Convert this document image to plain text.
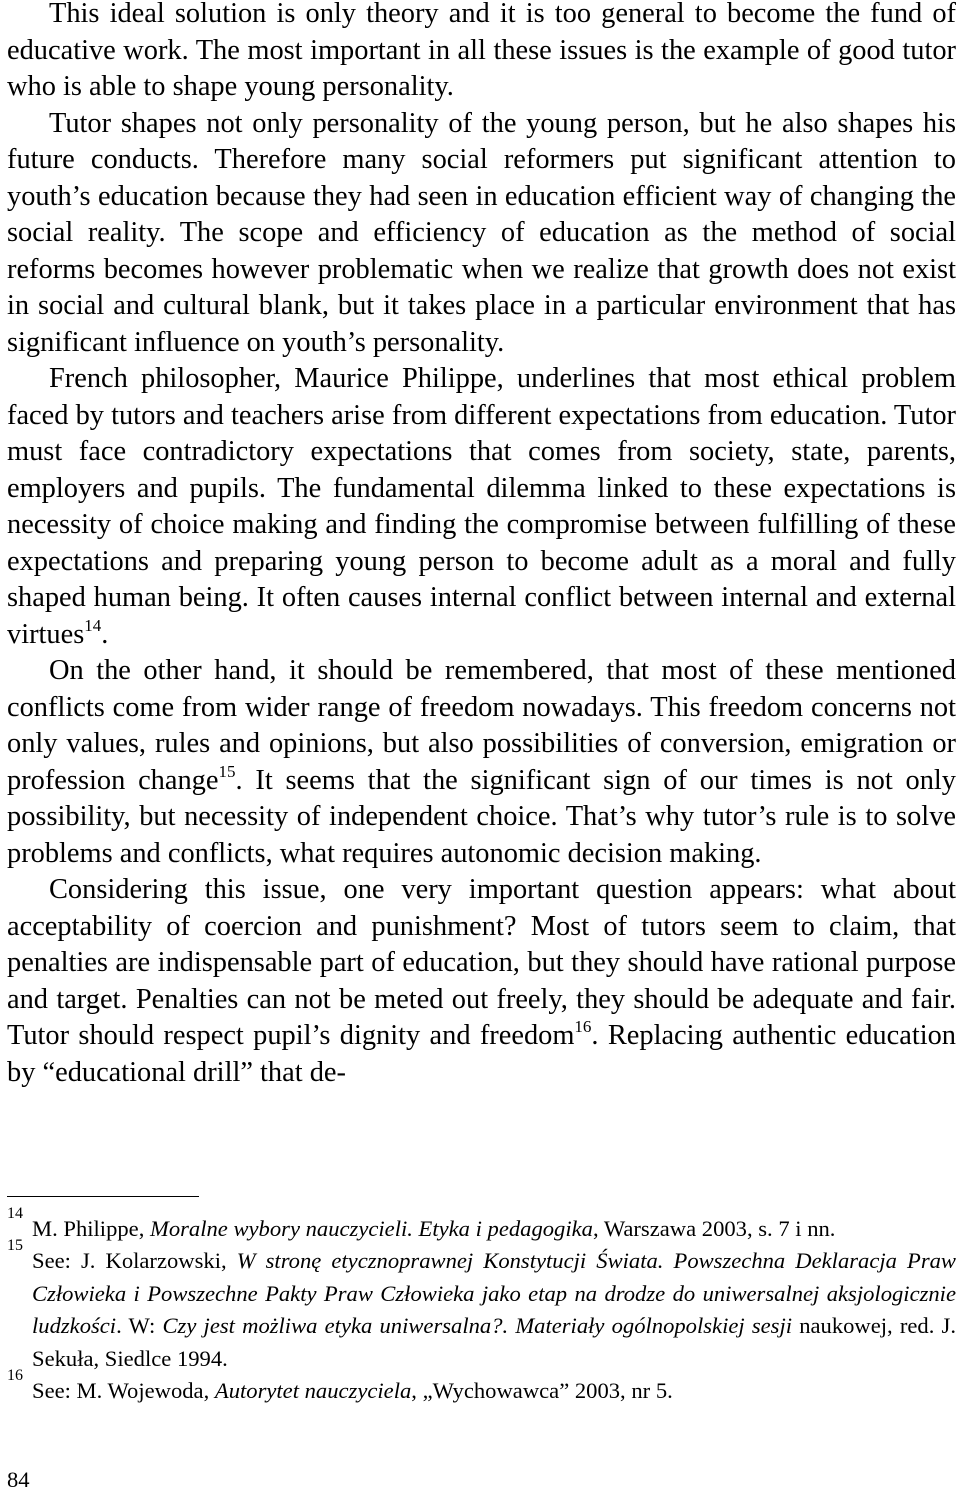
This ideal solution is only theory and it is too general to become the fund of educative work. The most important in all these issues is the example of good tutor who is able to shape young personality.

Tutor shapes not only personality of the young person, but he also shapes his future conducts. Therefore many social reformers put significant attention to youth’s education because they had seen in education efficient way of changing the social reality. The scope and efficiency of education as the method of social reforms becomes however problematic when we realize that growth does not exist in social and cultural blank, but it takes place in a particular environment that has significant influence on youth’s personality.

French philosopher, Maurice Philippe, underlines that most ethical problem faced by tutors and teachers arise from different expectations from education. Tutor must face contradictory expectations that comes from society, state, parents, employers and pupils. The fundamental dilemma linked to these expectations is necessity of choice making and finding the compromise between fulfilling of these expectations and preparing young person to become adult as a moral and fully shaped human being. It often causes internal conflict between internal and external virtues$^{14}$.

On the other hand, it should be remembered, that most of these mentioned conflicts come from wider range of freedom nowadays. This freedom concerns not only values, rules and opinions, but also possibilities of conversion, emigration or profession change$^{15}$. It seems that the significant sign of our times is not only possibility, but necessity of independent choice. That’s why tutor’s rule is to solve problems and conflicts, what requires autonomic decision making.

Considering this issue, one very important question appears: what about acceptability of coercion and punishment? Most of tutors seem to claim, that penalties are indispensable part of education, but they should have rational purpose and target. Penalties can not be meted out freely, they should be adequate and fair. Tutor should respect pupil’s dignity and freedom$^{16}$. Replacing authentic education by “educational drill” that de-

14
M. Philippe, Moralne wybory nauczycieli. Etyka i pedagogika, Warszawa 2003, s. 7 i nn.

15
See: J. Kolarzowski, W stronę etycznoprawnej Konstytucji Świata. Powszechna Deklaracja Praw Człowieka i Powszechne Pakty Praw Człowieka jako etap na drodze do uniwersalnej aksjologicznie ludzkości. W: Czy jest możliwa etyka uniwersalna?. Materiały ogólnopolskiej sesji naukowej, red. J. Sekuła, Siedlce 1994.

16
See: M. Wojewoda, Autorytet nauczyciela, „Wychowawca” 2003, nr 5.

84
